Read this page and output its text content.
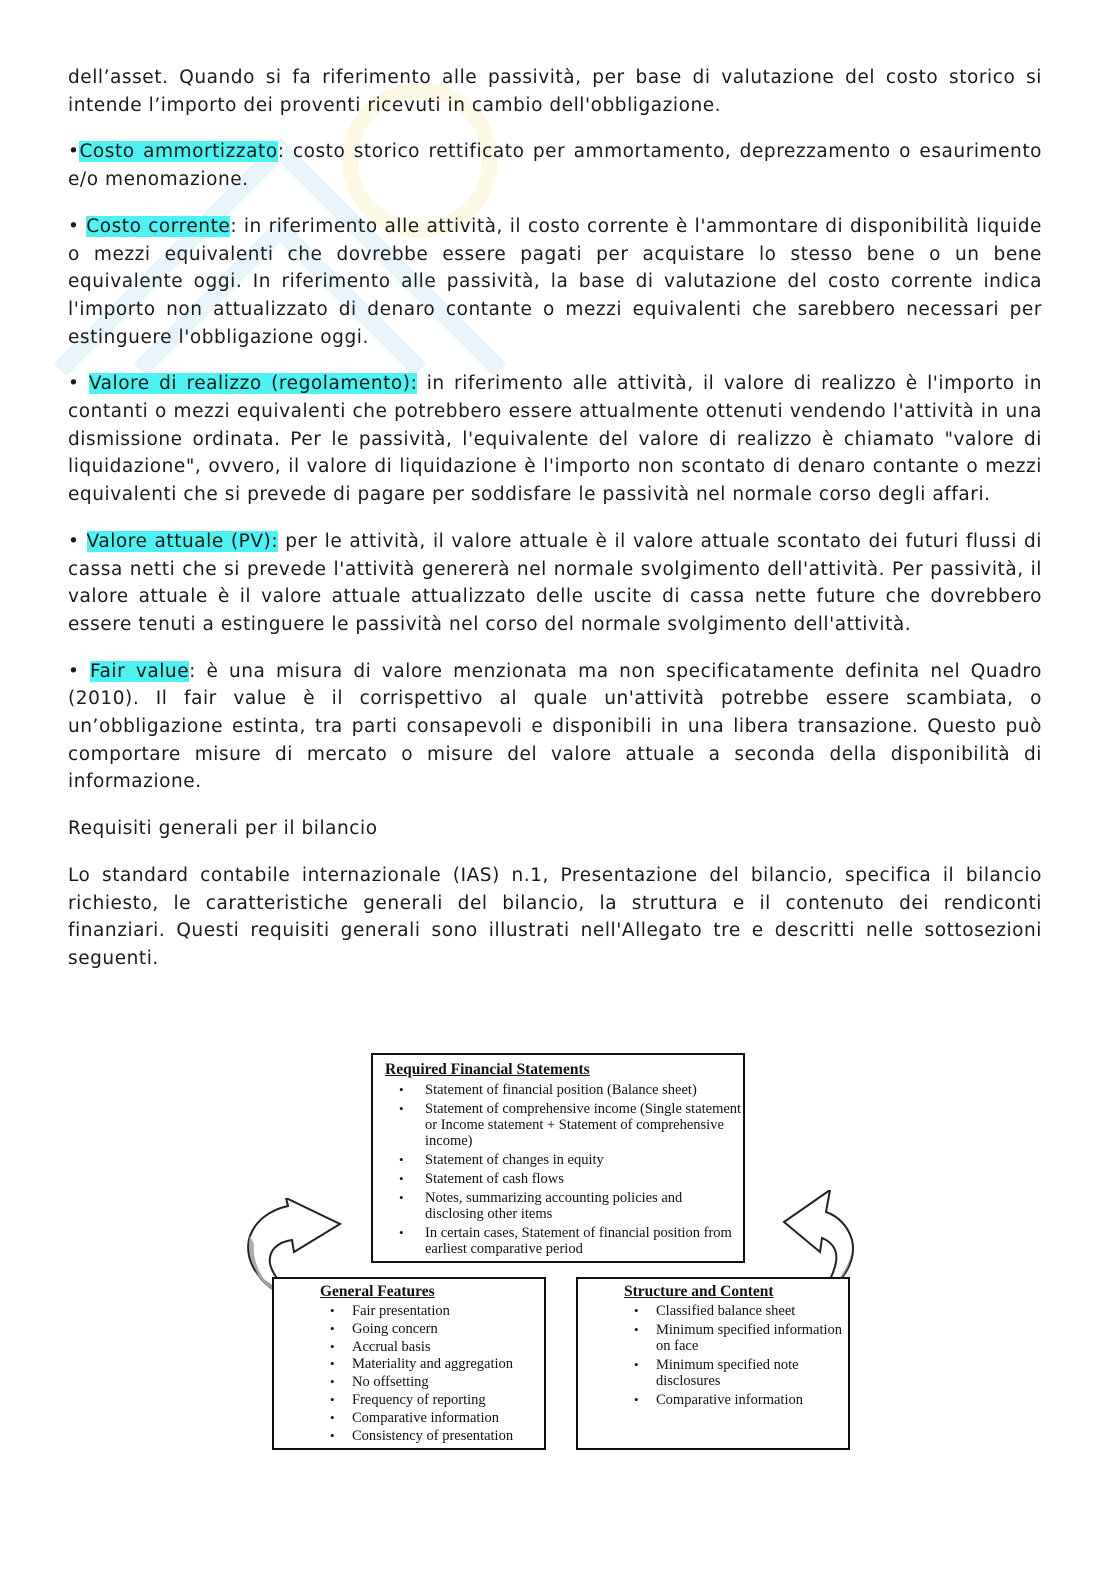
dell’asset. Quando si fa riferimento alle passività, per base di valutazione del costo storico si intende l’importo dei proventi ricevuti in cambio dell'obbligazione.

•Costo ammortizzato: costo storico rettificato per ammortamento, deprezzamento o esaurimento e/o menomazione.

• Costo corrente: in riferimento alle attività, il costo corrente è l'ammontare di disponibilità liquide o mezzi equivalenti che dovrebbe essere pagati per acquistare lo stesso bene o un bene equivalente oggi. In riferimento alle passività, la base di valutazione del costo corrente indica l'importo non attualizzato di denaro contante o mezzi equivalenti che sarebbero necessari per estinguere l'obbligazione oggi.

• Valore di realizzo (regolamento): in riferimento alle attività, il valore di realizzo è l'importo in contanti o mezzi equivalenti che potrebbero essere attualmente ottenuti vendendo l'attività in una dismissione ordinata. Per le passività, l'equivalente del valore di realizzo è chiamato "valore di liquidazione", ovvero, il valore di liquidazione è l'importo non scontato di denaro contante o mezzi equivalenti che si prevede di pagare per soddisfare le passività nel normale corso degli affari.

• Valore attuale (PV): per le attività, il valore attuale è il valore attuale scontato dei futuri flussi di cassa netti che si prevede l'attività genererà nel normale svolgimento dell'attività. Per passività, il valore attuale è il valore attuale attualizzato delle uscite di cassa nette future che dovrebbero essere tenuti a estinguere le passività nel corso del normale svolgimento dell'attività.

• Fair value: è una misura di valore menzionata ma non specificatamente definita nel Quadro (2010). Il fair value è il corrispettivo al quale un'attività potrebbe essere scambiata, o un’obbligazione estinta, tra parti consapevoli e disponibili in una libera transazione. Questo può comportare misure di mercato o misure del valore attuale a seconda della disponibilità di informazione.

Requisiti generali per il bilancio

Lo standard contabile internazionale (IAS) n.1, Presentazione del bilancio, specifica il bilancio richiesto, le caratteristiche generali del bilancio, la struttura e il contenuto dei rendiconti finanziari. Questi requisiti generali sono illustrati nell'Allegato tre e descritti nelle sottosezioni seguenti.

Required Financial Statements
• Statement of financial position (Balance sheet)
• Statement of comprehensive income (Single statement or Income statement + Statement of comprehensive income)
• Statement of changes in equity
• Statement of cash flows
• Notes, summarizing accounting policies and disclosing other items
• In certain cases, Statement of financial position from earliest comparative period
General Features
• Fair presentation
• Going concern
• Accrual basis
• Materiality and aggregation
• No offsetting
• Frequency of reporting
• Comparative information
• Consistency of presentation
Structure and Content
• Classified balance sheet
• Minimum specified information on face
• Minimum specified note disclosures
• Comparative information
